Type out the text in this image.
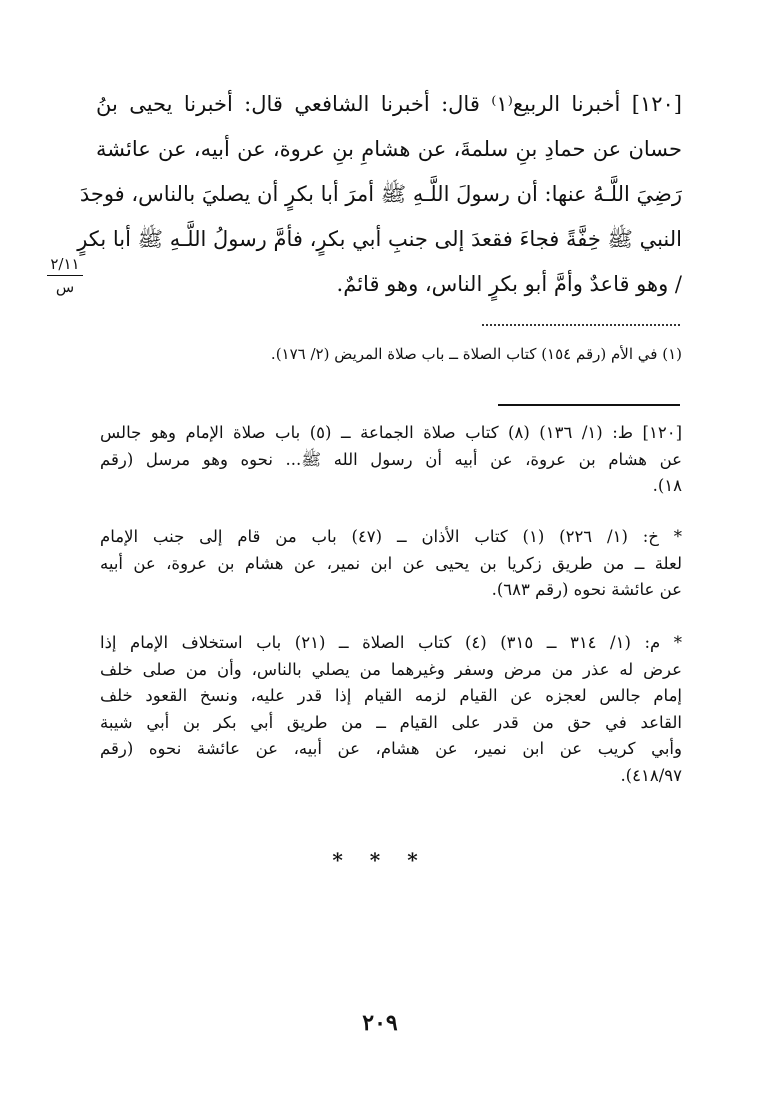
[١٢٠] أخبرنا الربيع⁽١⁾ قال: أخبرنا الشافعي قال: أخبرنا يحيى بنُ
حسان عن حمادِ بنِ سلمةَ، عن هشامِ بنِ عروة، عن أبيه، عن عائشة
رَضِيَ اللَّـهُ عنها: أن رسولَ اللَّـهِ ﷺ أمرَ أبا بكرٍ أن يصليَ بالناس، فوجدَ
النبي ﷺ خِفَّةً فجاءَ فقعدَ إلى جنبِ أبي بكرٍ، فأمَّ رسولُ اللَّـهِ ﷺ أبا بكرٍ
/ وهو قاعدٌ وأمَّ أبو بكرٍ الناس، وهو قائمٌ.
٢/١١
س
(١) في الأم (رقم ١٥٤) كتاب الصلاة ــ باب صلاة المريض (٢/ ١٧٦).
[١٢٠] ط: (١/ ١٣٦) (٨) كتاب صلاة الجماعة ــ (٥) باب صلاة الإمام وهو جالس
عن هشام بن عروة، عن أبيه أن رسول الله ﷺ... نحوه وهو مرسل (رقم
١٨).
* خ: (١/ ٢٢٦) (١) كتاب الأذان ــ (٤٧) باب من قام إلى جنب الإمام
لعلة ــ من طريق زكريا بن يحيى عن ابن نمير، عن هشام بن عروة، عن أبيه
عن عائشة نحوه (رقم ٦٨٣).
* م: (١/ ٣١٤ ــ ٣١٥) (٤) كتاب الصلاة ــ (٢١) باب استخلاف الإمام إذا
عرض له عذر من مرض وسفر وغيرهما من يصلي بالناس، وأن من صلى خلف
إمام جالس لعجزه عن القيام لزمه القيام إذا قدر عليه، ونسخ القعود خلف
القاعد في حق من قدر على القيام ــ من طريق أبي بكر بن أبي شيبة
وأبي كريب عن ابن نمير، عن هشام، عن أبيه، عن عائشة نحوه (رقم
٤١٨/٩٧).
* * *
٢٠٩
